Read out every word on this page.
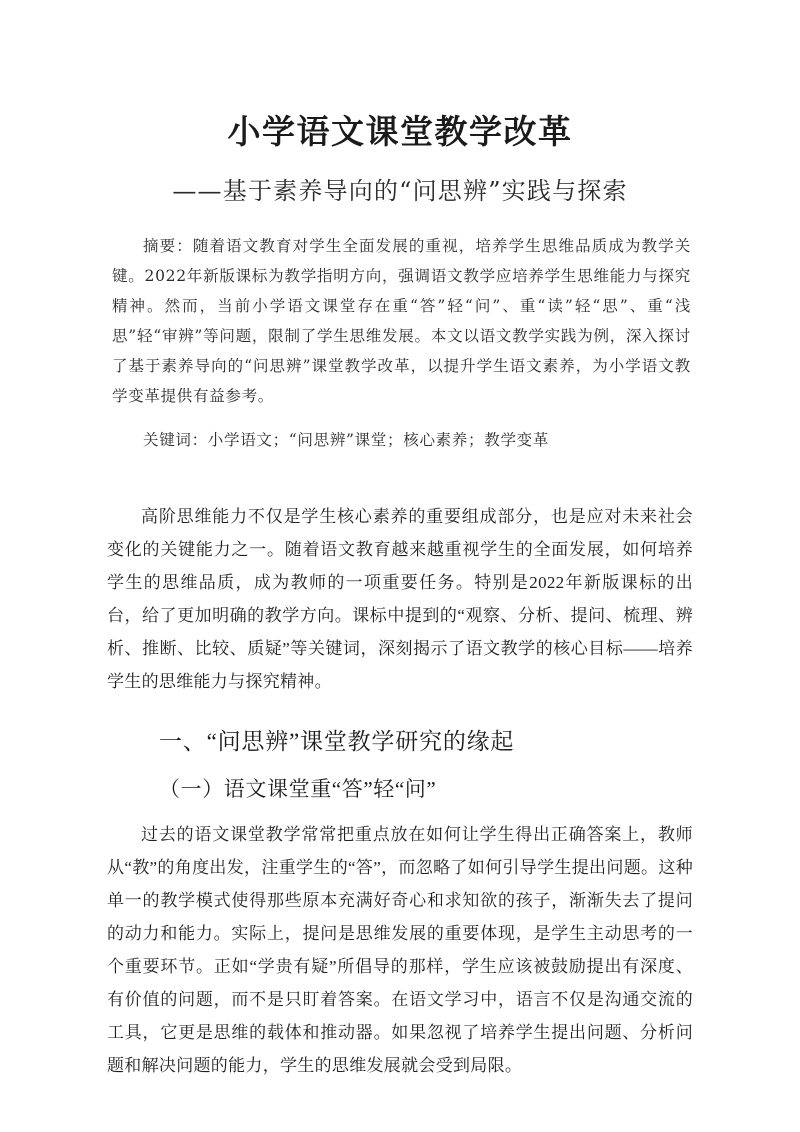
小学语文课堂教学改革

——基于素养导向的“问思辨”实践与探索

摘要：随着语文教育对学生全面发展的重视，培养学生思维品质成为教学关键。2022年新版课标为教学指明方向，强调语文教学应培养学生思维能力与探究精神。然而，当前小学语文课堂存在重“答”轻“问”、重“读”轻“思”、重“浅思”轻“审辨”等问题，限制了学生思维发展。本文以语文教学实践为例，深入探讨了基于素养导向的“问思辨”课堂教学改革，以提升学生语文素养，为小学语文教学变革提供有益参考。

关键词：小学语文；“问思辨”课堂；核心素养；教学变革

高阶思维能力不仅是学生核心素养的重要组成部分，也是应对未来社会变化的关键能力之一。随着语文教育越来越重视学生的全面发展，如何培养学生的思维品质，成为教师的一项重要任务。特别是2022年新版课标的出台，给了更加明确的教学方向。课标中提到的“观察、分析、提问、梳理、辨析、推断、比较、质疑”等关键词，深刻揭示了语文教学的核心目标——培养学生的思维能力与探究精神。

一、“问思辨”课堂教学研究的缘起
（一）语文课堂重“答”轻“问”

过去的语文课堂教学常常把重点放在如何让学生得出正确答案上，教师从“教”的角度出发，注重学生的“答”，而忽略了如何引导学生提出问题。这种单一的教学模式使得那些原本充满好奇心和求知欲的孩子，渐渐失去了提问的动力和能力。实际上，提问是思维发展的重要体现，是学生主动思考的一个重要环节。正如“学贵有疑”所倡导的那样，学生应该被鼓励提出有深度、有价值的问题，而不是只盯着答案。在语文学习中，语言不仅是沟通交流的工具，它更是思维的载体和推动器。如果忽视了培养学生提出问题、分析问题和解决问题的能力，学生的思维发展就会受到局限。
